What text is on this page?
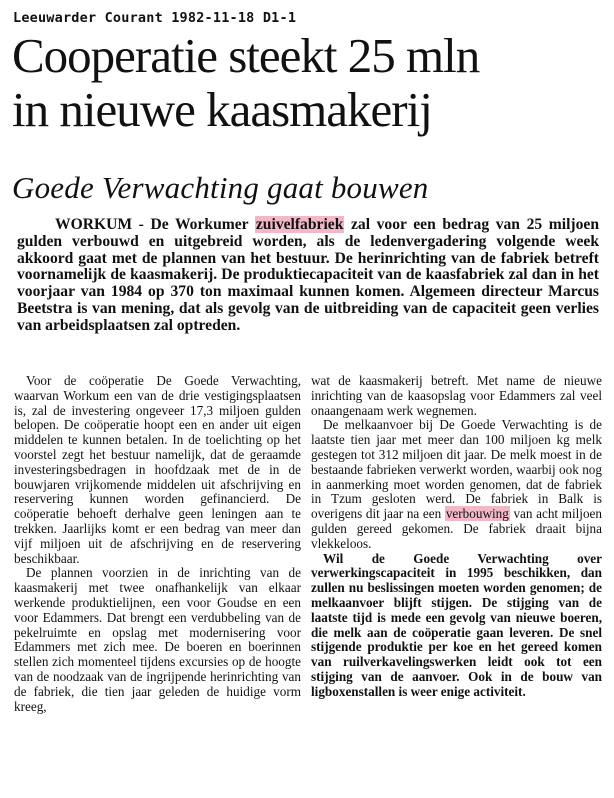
Leeuwarder Courant 1982-11-18 D1-1
Cooperatie steekt 25 mln
in nieuwe kaasmakerij
Goede Verwachting gaat bouwen

WORKUM - De Workumer zuivelfabriek zal voor een bedrag van 25 miljoen gulden verbouwd en uitgebreid worden, als de ledenvergadering volgende week akkoord gaat met de plannen van het bestuur. De herinrichting van de fabriek betreft voornamelijk de kaasmakerij. De produktiecapaciteit van de kaasfabriek zal dan in het voorjaar van 1984 op 370 ton maximaal kunnen komen. Algemeen directeur Marcus Beetstra is van mening, dat als gevolg van de uitbreiding van de capaciteit geen verlies van arbeidsplaatsen zal optreden.

Voor de coöperatie De Goede Verwachting, waarvan Workum een van de drie vestigingsplaatsen is, zal de investering ongeveer 17,3 miljoen gulden belopen. De coöperatie hoopt een en ander uit eigen middelen te kunnen betalen. In de toelichting op het voorstel zegt het bestuur namelijk, dat de geraamde investeringsbedragen in hoofdzaak met de in de bouwjaren vrijkomende middelen uit afschrijving en reservering kunnen worden gefinancierd. De coöperatie behoeft derhalve geen leningen aan te trekken. Jaarlijks komt er een bedrag van meer dan vijf miljoen uit de afschrijving en de reservering beschikbaar.

De plannen voorzien in de inrichting van de kaasmakerij met twee onafhankelijk van elkaar werkende produktielijnen, een voor Goudse en een voor Edammers. Dat brengt een verdubbeling van de pekelruimte en opslag met modernisering voor Edammers met zich mee. De boeren en boerinnen stellen zich momenteel tijdens excursies op de hoogte van de noodzaak van de ingrijpende herinrichting van de fabriek, die tien jaar geleden de huidige vorm kreeg,

wat de kaasmakerij betreft. Met name de nieuwe inrichting van de kaasopslag voor Edammers zal veel onaangenaam werk wegnemen.

De melkaanvoer bij De Goede Verwachting is de laatste tien jaar met meer dan 100 miljoen kg melk gestegen tot 312 miljoen dit jaar. De melk moest in de bestaande fabrieken verwerkt worden, waarbij ook nog in aanmerking moet worden genomen, dat de fabriek in Tzum gesloten werd. De fabriek in Balk is overigens dit jaar na een verbouwing van acht miljoen gulden gereed gekomen. De fabriek draait bijna vlekkeloos.

Wil de Goede Verwachting over verwerkingscapaciteit in 1995 beschikken, dan zullen nu beslissingen moeten worden genomen; de melkaanvoer blijft stijgen. De stijging van de laatste tijd is mede een gevolg van nieuwe boeren, die melk aan de coöperatie gaan leveren. De snel stijgende produktie per koe en het gereed komen van ruilverkavelingswerken leidt ook tot een stijging van de aanvoer. Ook in de bouw van ligboxenstallen is weer enige activiteit.
